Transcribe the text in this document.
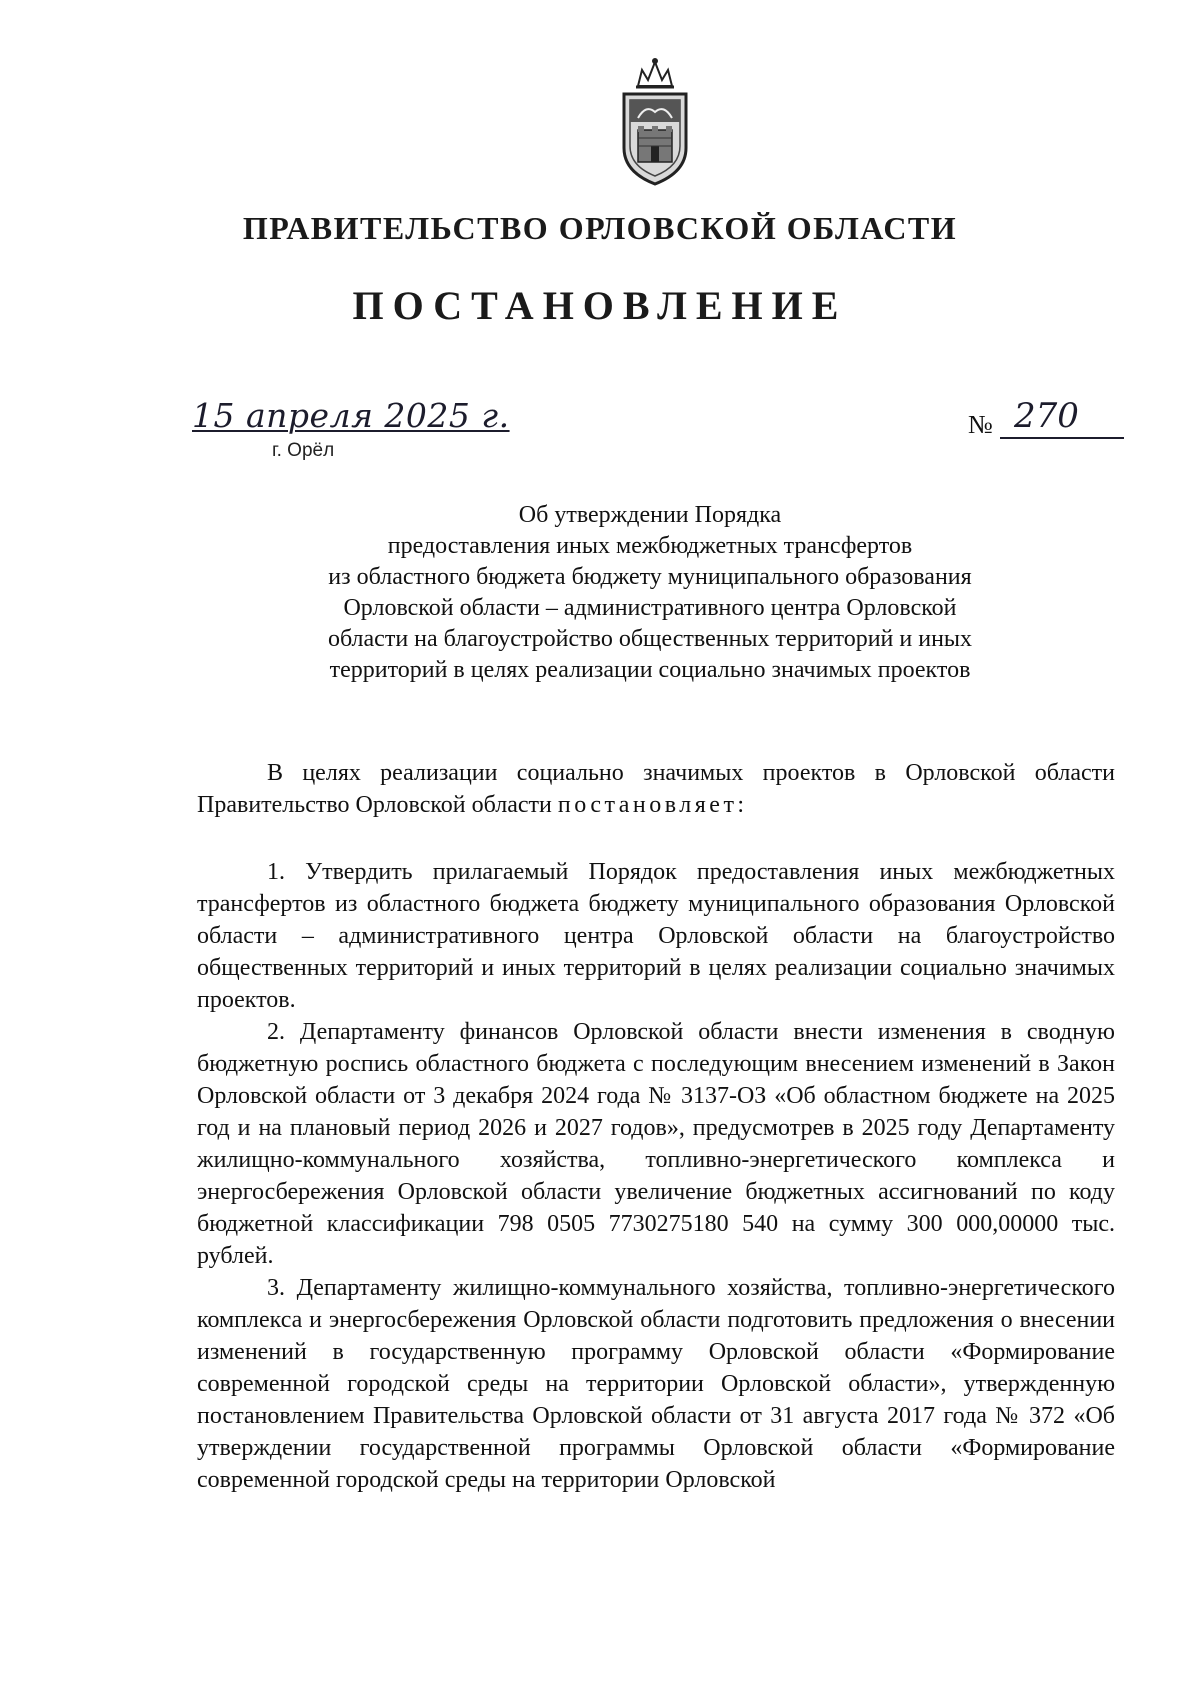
ПРАВИТЕЛЬСТВО ОРЛОВСКОЙ ОБЛАСТИ
ПОСТАНОВЛЕНИЕ
15 апреля 2025 г.
г. Орёл
№ 270
Об утверждении Порядка
предоставления иных межбюджетных трансфертов
из областного бюджета бюджету муниципального образования
Орловской области – административного центра Орловской
области на благоустройство общественных территорий и иных
территорий в целях реализации социально значимых проектов

В целях реализации социально значимых проектов в Орловской области Правительство Орловской области постановляет:

1. Утвердить прилагаемый Порядок предоставления иных межбюджетных трансфертов из областного бюджета бюджету муниципального образования Орловской области – административного центра Орловской области на благоустройство общественных территорий и иных территорий в целях реализации социально значимых проектов.

2. Департаменту финансов Орловской области внести изменения в сводную бюджетную роспись областного бюджета с последующим внесением изменений в Закон Орловской области от 3 декабря 2024 года № 3137-ОЗ «Об областном бюджете на 2025 год и на плановый период 2026 и 2027 годов», предусмотрев в 2025 году Департаменту жилищно-коммунального хозяйства, топливно-энергетического комплекса и энергосбережения Орловской области увеличение бюджетных ассигнований по коду бюджетной классификации 798 0505 7730275180 540 на сумму 300 000,00000 тыс. рублей.

3. Департаменту жилищно-коммунального хозяйства, топливно-энергетического комплекса и энергосбережения Орловской области подготовить предложения о внесении изменений в государственную программу Орловской области «Формирование современной городской среды на территории Орловской области», утвержденную постановлением Правительства Орловской области от 31 августа 2017 года № 372 «Об утверждении государственной программы Орловской области «Формирование современной городской среды на территории Орловской
